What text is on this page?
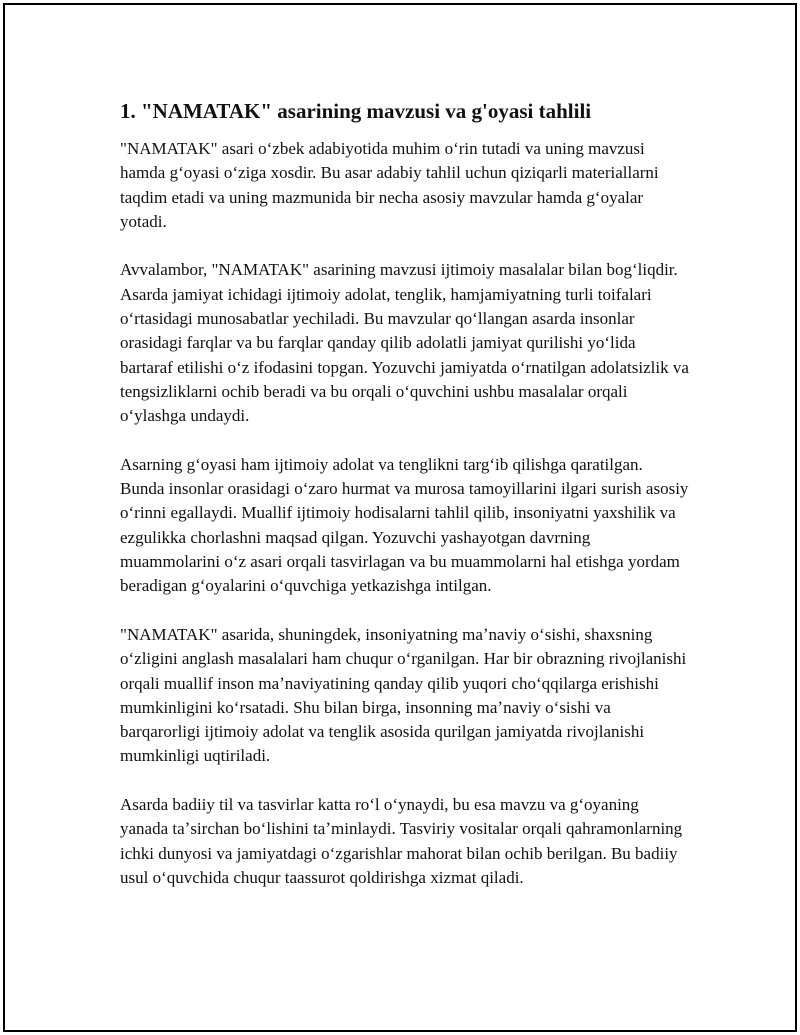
1. "NAMATAK" asarining mavzusi va g'oyasi tahlili

"NAMATAK" asari oʻzbek adabiyotida muhim oʻrin tutadi va uning mavzusi hamda gʻoyasi oʻziga xosdir. Bu asar adabiy tahlil uchun qiziqarli materiallarni taqdim etadi va uning mazmunida bir necha asosiy mavzular hamda gʻoyalar yotadi.

Avvalambor, "NAMATAK" asarining mavzusi ijtimoiy masalalar bilan bogʻliqdir. Asarda jamiyat ichidagi ijtimoiy adolat, tenglik, hamjamiyatning turli toifalari oʻrtasidagi munosabatlar yechiladi. Bu mavzular qoʻllangan asarda insonlar orasidagi farqlar va bu farqlar qanday qilib adolatli jamiyat qurilishi yoʻlida bartaraf etilishi oʻz ifodasini topgan. Yozuvchi jamiyatda oʻrnatilgan adolatsizlik va tengsizliklarni ochib beradi va bu orqali oʻquvchini ushbu masalalar orqali oʻylashga undaydi.

Asarning gʻoyasi ham ijtimoiy adolat va tenglikni targʻib qilishga qaratilgan. Bunda insonlar orasidagi oʻzaro hurmat va murosa tamoyillarini ilgari surish asosiy oʻrinni egallaydi. Muallif ijtimoiy hodisalarni tahlil qilib, insoniyatni yaxshilik va ezgulikka chorlashni maqsad qilgan. Yozuvchi yashayotgan davrning muammolarini oʻz asari orqali tasvirlagan va bu muammolarni hal etishga yordam beradigan gʻoyalarini oʻquvchiga yetkazishga intilgan.

"NAMATAK" asarida, shuningdek, insoniyatning maʼnaviy oʻsishi, shaxsning oʻzligini anglash masalalari ham chuqur oʻrganilgan. Har bir obrazning rivojlanishi orqali muallif inson maʼnaviyatining qanday qilib yuqori choʻqqilarga erishishi mumkinligini koʻrsatadi. Shu bilan birga, insonning maʼnaviy oʻsishi va barqarorligi ijtimoiy adolat va tenglik asosida qurilgan jamiyatda rivojlanishi mumkinligi uqtiriladi.

Asarda badiiy til va tasvirlar katta roʻl oʻynaydi, bu esa mavzu va gʻoyaning yanada taʼsirchan boʻlishini taʼminlaydi. Tasviriy vositalar orqali qahramonlarning ichki dunyosi va jamiyatdagi oʻzgarishlar mahorat bilan ochib berilgan. Bu badiiy usul oʻquvchida chuqur taassurot qoldirishga xizmat qiladi.
